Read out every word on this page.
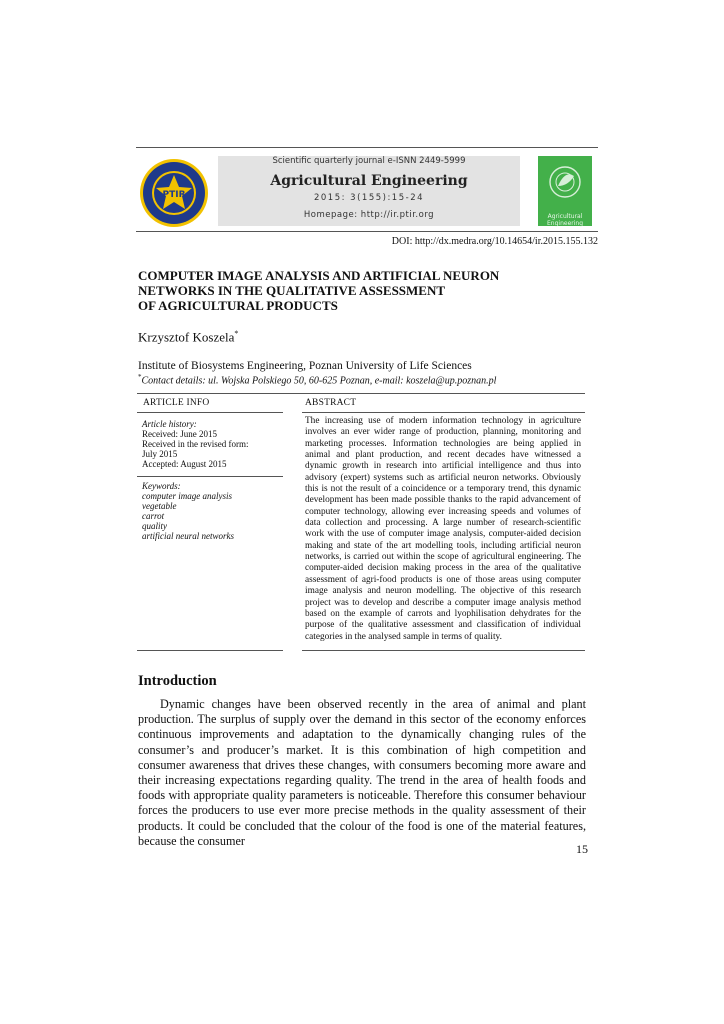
PTIR
Scientific quarterly journal e-ISNN 2449-5999
Agricultural Engineering
2015: 3(155):15-24
Homepage: http://ir.ptir.org	Agricultural
Engineering
DOI: http://dx.medra.org/10.14654/ir.2015.155.132
COMPUTER IMAGE ANALYSIS AND ARTIFICIAL NEURON
NETWORKS IN THE QUALITATIVE ASSESSMENT
OF AGRICULTURAL PRODUCTS
Krzysztof Koszela*
Institute of Biosystems Engineering, Poznan University of Life Sciences
*Contact details: ul. Wojska Polskiego 50, 60-625 Poznan, e-mail: koszela@up.poznan.pl
ARTICLE INFO	ABSTRACT
Article history:
Received: June 2015
Received in the revised form:
July 2015
Accepted: August 2015
Keywords:
computer image analysis
vegetable
carrot
quality
artificial neural networks
The increasing use of modern information technology in agriculture involves an ever wider range of production, planning, monitoring and marketing processes. Information technologies are being applied in animal and plant production, and recent decades have witnessed a dynamic growth in research into artificial intelligence and thus into advisory (expert) systems such as artificial neuron networks. Obviously this is not the result of a coincidence or a temporary trend, this dynamic development has been made possible thanks to the rapid advancement of computer technology, allowing ever increasing speeds and volumes of data collection and processing. A large number of research-scientific work with the use of computer image analysis, computer-aided decision making and state of the art modelling tools, including artificial neuron networks, is carried out within the scope of agricultural engineering. The computer-aided decision making process in the area of the qualitative assessment of agri-food products is one of those areas using computer image analysis and neuron modelling. The objective of this research project was to develop and describe a computer image analysis method based on the example of carrots and lyophilisation dehydrates for the purpose of the qualitative assessment and classification of individual categories in the analysed sample in terms of quality.
Introduction
Dynamic changes have been observed recently in the area of animal and plant production. The surplus of supply over the demand in this sector of the economy enforces continuous improvements and adaptation to the dynamically changing rules of the consumer’s and producer’s market. It is this combination of high competition and consumer awareness that drives these changes, with consumers becoming more aware and their increasing expectations regarding quality. The trend in the area of health foods and foods with appropriate quality parameters is noticeable. Therefore this consumer behaviour forces the producers to use ever more precise methods in the quality assessment of their products. It could be concluded that the colour of the food is one of the material features, because the consumer
15
